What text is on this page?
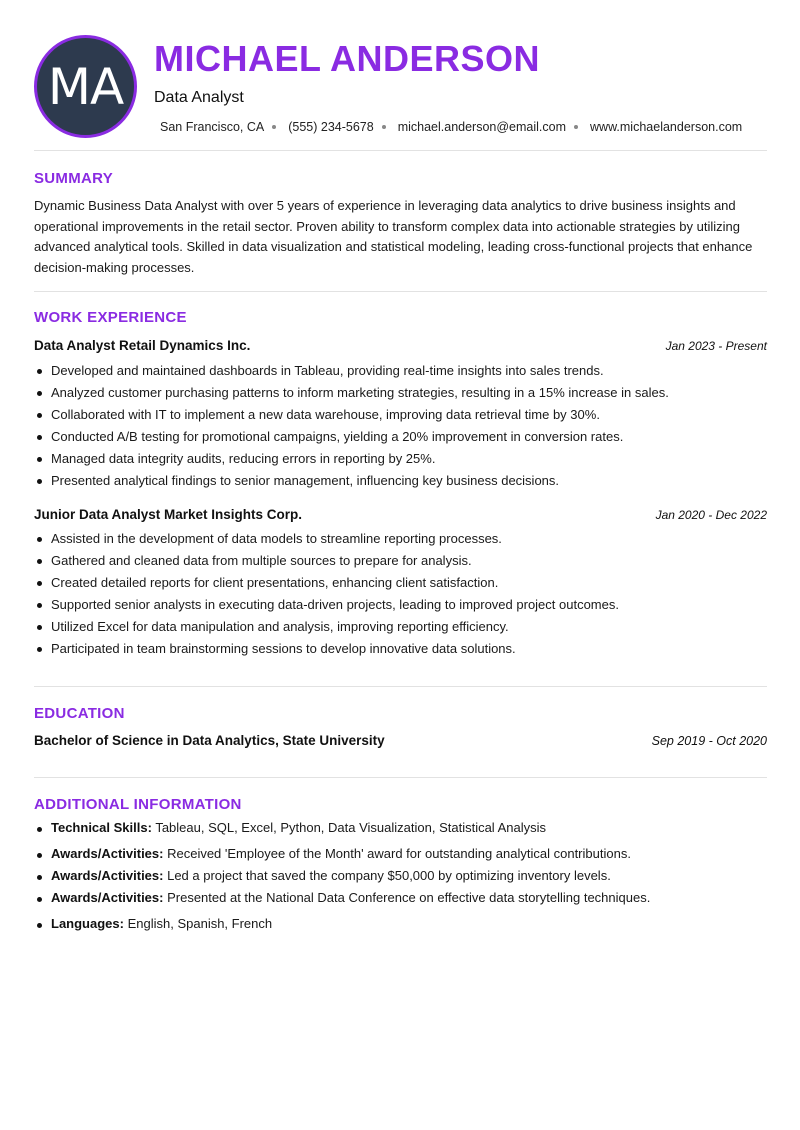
MA MICHAEL ANDERSON
Data Analyst
San Francisco, CA (555) 234-5678 michael.anderson@email.com www.michaelanderson.com
SUMMARY
Dynamic Business Data Analyst with over 5 years of experience in leveraging data analytics to drive business insights and operational improvements in the retail sector. Proven ability to transform complex data into actionable strategies by utilizing advanced analytical tools. Skilled in data visualization and statistical modeling, leading cross-functional projects that enhance decision-making processes.
WORK EXPERIENCE
Data Analyst Retail Dynamics Inc.	Jan 2023 - Present
Developed and maintained dashboards in Tableau, providing real-time insights into sales trends.
Analyzed customer purchasing patterns to inform marketing strategies, resulting in a 15% increase in sales.
Collaborated with IT to implement a new data warehouse, improving data retrieval time by 30%.
Conducted A/B testing for promotional campaigns, yielding a 20% improvement in conversion rates.
Managed data integrity audits, reducing errors in reporting by 25%.
Presented analytical findings to senior management, influencing key business decisions.
Junior Data Analyst Market Insights Corp.	Jan 2020 - Dec 2022
Assisted in the development of data models to streamline reporting processes.
Gathered and cleaned data from multiple sources to prepare for analysis.
Created detailed reports for client presentations, enhancing client satisfaction.
Supported senior analysts in executing data-driven projects, leading to improved project outcomes.
Utilized Excel for data manipulation and analysis, improving reporting efficiency.
Participated in team brainstorming sessions to develop innovative data solutions.
EDUCATION
Bachelor of Science in Data Analytics, State University	Sep 2019 - Oct 2020
ADDITIONAL INFORMATION
Technical Skills: Tableau, SQL, Excel, Python, Data Visualization, Statistical Analysis
Awards/Activities: Received 'Employee of the Month' award for outstanding analytical contributions.
Awards/Activities: Led a project that saved the company $50,000 by optimizing inventory levels.
Awards/Activities: Presented at the National Data Conference on effective data storytelling techniques.
Languages: English, Spanish, French
